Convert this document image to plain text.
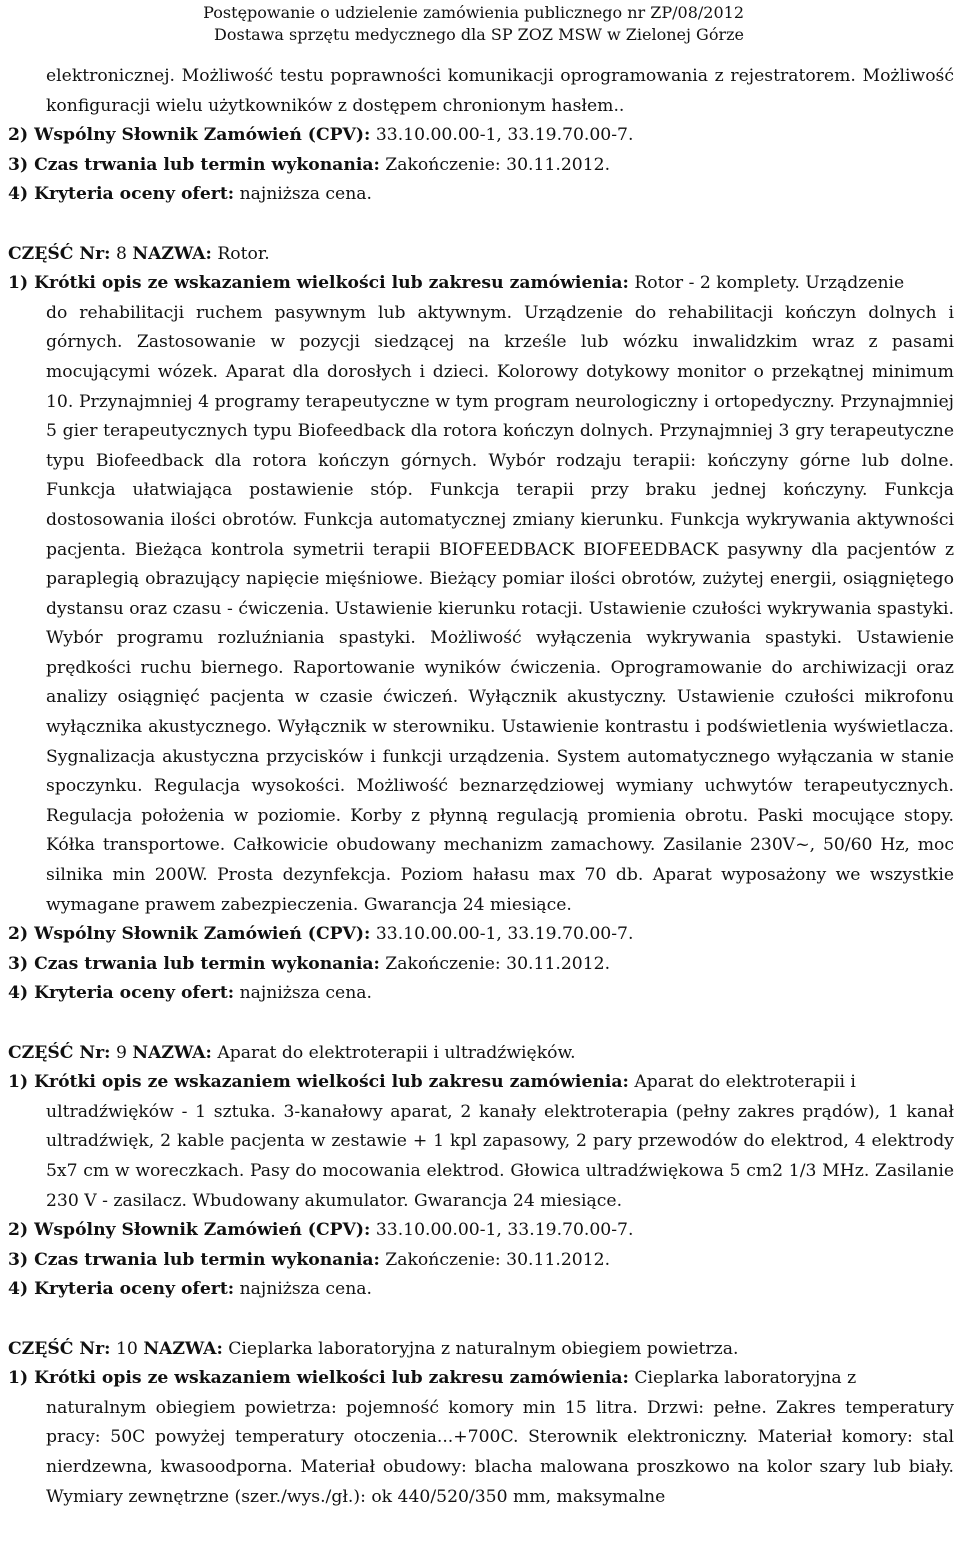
Postępowanie o udzielenie zamówienia publicznego nr ZP/08/2012
Dostawa sprzętu medycznego dla SP ZOZ MSW w Zielonej Górze

elektronicznej. Możliwość testu poprawności komunikacji oprogramowania z rejestratorem. Możliwość konfiguracji wielu użytkowników z dostępem chronionym hasłem..

2) Wspólny Słownik Zamówień (CPV): 33.10.00.00-1, 33.19.70.00-7.

3) Czas trwania lub termin wykonania: Zakończenie: 30.11.2012.

4) Kryteria oceny ofert: najniższa cena.

CZĘŚĆ Nr: 8 NAZWA: Rotor.

1) Krótki opis ze wskazaniem wielkości lub zakresu zamówienia: Rotor - 2 komplety. Urządzenie

do rehabilitacji ruchem pasywnym lub aktywnym. Urządzenie do rehabilitacji kończyn dolnych i górnych. Zastosowanie w pozycji siedzącej na krześle lub wózku inwalidzkim wraz z pasami mocującymi wózek. Aparat dla dorosłych i dzieci. Kolorowy dotykowy monitor o przekątnej minimum 10. Przynajmniej 4 programy terapeutyczne w tym program neurologiczny i ortopedyczny. Przynajmniej 5 gier terapeutycznych typu Biofeedback dla rotora kończyn dolnych. Przynajmniej 3 gry terapeutyczne typu Biofeedback dla rotora kończyn górnych. Wybór rodzaju terapii: kończyny górne lub dolne. Funkcja ułatwiająca postawienie stóp. Funkcja terapii przy braku jednej kończyny. Funkcja dostosowania ilości obrotów. Funkcja automatycznej zmiany kierunku. Funkcja wykrywania aktywności pacjenta. Bieżąca kontrola symetrii terapii BIOFEEDBACK BIOFEEDBACK pasywny dla pacjentów z paraplegią obrazujący napięcie mięśniowe. Bieżący pomiar ilości obrotów, zużytej energii, osiągniętego dystansu oraz czasu - ćwiczenia. Ustawienie kierunku rotacji. Ustawienie czułości wykrywania spastyki. Wybór programu rozluźniania spastyki. Możliwość wyłączenia wykrywania spastyki. Ustawienie prędkości ruchu biernego. Raportowanie wyników ćwiczenia. Oprogramowanie do archiwizacji oraz analizy osiągnięć pacjenta w czasie ćwiczeń. Wyłącznik akustyczny. Ustawienie czułości mikrofonu wyłącznika akustycznego. Wyłącznik w sterowniku. Ustawienie kontrastu i podświetlenia wyświetlacza. Sygnalizacja akustyczna przycisków i funkcji urządzenia. System automatycznego wyłączania w stanie spoczynku. Regulacja wysokości. Możliwość beznarzędziowej wymiany uchwytów terapeutycznych. Regulacja położenia w poziomie. Korby z płynną regulacją promienia obrotu. Paski mocujące stopy. Kółka transportowe. Całkowicie obudowany mechanizm zamachowy. Zasilanie 230V~, 50/60 Hz, moc silnika min 200W. Prosta dezynfekcja. Poziom hałasu max 70 db. Aparat wyposażony we wszystkie wymagane prawem zabezpieczenia. Gwarancja 24 miesiące.

2) Wspólny Słownik Zamówień (CPV): 33.10.00.00-1, 33.19.70.00-7.

3) Czas trwania lub termin wykonania: Zakończenie: 30.11.2012.

4) Kryteria oceny ofert: najniższa cena.

CZĘŚĆ Nr: 9 NAZWA: Aparat do elektroterapii i ultradźwięków.

1) Krótki opis ze wskazaniem wielkości lub zakresu zamówienia: Aparat do elektroterapii i

ultradźwięków - 1 sztuka. 3-kanałowy aparat, 2 kanały elektroterapia (pełny zakres prądów), 1 kanał ultradźwięk, 2 kable pacjenta w zestawie + 1 kpl zapasowy, 2 pary przewodów do elektrod, 4 elektrody 5x7 cm w woreczkach. Pasy do mocowania elektrod. Głowica ultradźwiękowa 5 cm2 1/3 MHz. Zasilanie 230 V - zasilacz. Wbudowany akumulator. Gwarancja 24 miesiące.

2) Wspólny Słownik Zamówień (CPV): 33.10.00.00-1, 33.19.70.00-7.

3) Czas trwania lub termin wykonania: Zakończenie: 30.11.2012.

4) Kryteria oceny ofert: najniższa cena.

CZĘŚĆ Nr: 10 NAZWA: Cieplarka laboratoryjna z naturalnym obiegiem powietrza.

1) Krótki opis ze wskazaniem wielkości lub zakresu zamówienia: Cieplarka laboratoryjna z

naturalnym obiegiem powietrza: pojemność komory min 15 litra. Drzwi: pełne. Zakres temperatury pracy: 50C powyżej temperatury otoczenia...+700C. Sterownik elektroniczny. Materiał komory: stal nierdzewna, kwasoodporna. Materiał obudowy: blacha malowana proszkowo na kolor szary lub biały. Wymiary zewnętrzne (szer./wys./gł.): ok 440/520/350 mm, maksymalne
